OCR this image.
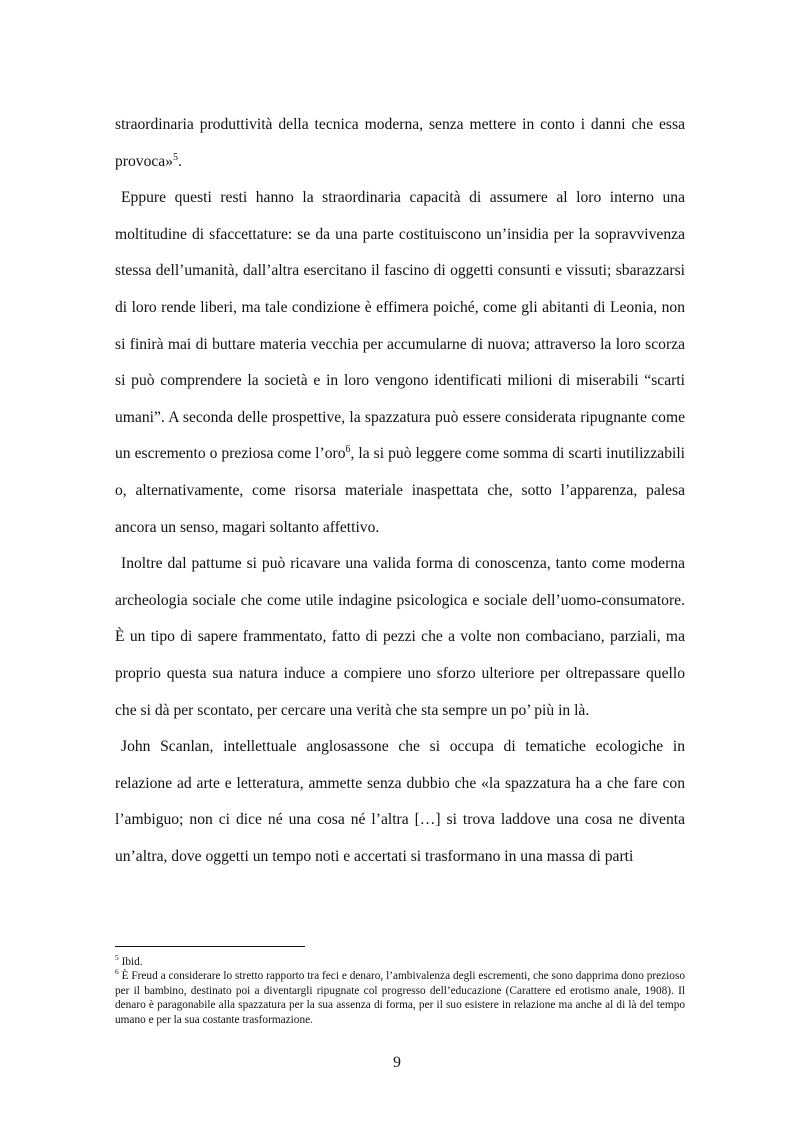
straordinaria produttività della tecnica moderna, senza mettere in conto i danni che essa provoca»$^5$.

Eppure questi resti hanno la straordinaria capacità di assumere al loro interno una moltitudine di sfaccettature: se da una parte costituiscono un’insidia per la sopravvivenza stessa dell’umanità, dall’altra esercitano il fascino di oggetti consunti e vissuti; sbarazzarsi di loro rende liberi, ma tale condizione è effimera poiché, come gli abitanti di Leonia, non si finirà mai di buttare materia vecchia per accumularne di nuova; attraverso la loro scorza si può comprendere la società e in loro vengono identificati milioni di miserabili “scarti umani”. A seconda delle prospettive, la spazzatura può essere considerata ripugnante come un escremento o preziosa come l’oro$^6$, la si può leggere come somma di scarti inutilizzabili o, alternativamente, come risorsa materiale inaspettata che, sotto l’apparenza, palesa ancora un senso, magari soltanto affettivo.

Inoltre dal pattume si può ricavare una valida forma di conoscenza, tanto come moderna archeologia sociale che come utile indagine psicologica e sociale dell’uomo-consumatore. È un tipo di sapere frammentato, fatto di pezzi che a volte non combaciano, parziali, ma proprio questa sua natura induce a compiere uno sforzo ulteriore per oltrepassare quello che si dà per scontato, per cercare una verità che sta sempre un po’ più in là.

John Scanlan, intellettuale anglosassone che si occupa di tematiche ecologiche in relazione ad arte e letteratura, ammette senza dubbio che «la spazzatura ha a che fare con l’ambiguo; non ci dice né una cosa né l’altra […] si trova laddove una cosa ne diventa un’altra, dove oggetti un tempo noti e accertati si trasformano in una massa di parti

$^5$ Ibid.

$^6$ È Freud a considerare lo stretto rapporto tra feci e denaro, l’ambivalenza degli escrementi, che sono dapprima dono prezioso per il bambino, destinato poi a diventargli ripugnate col progresso dell’educazione (Carattere ed erotismo anale, 1908). Il denaro è paragonabile alla spazzatura per la sua assenza di forma, per il suo esistere in relazione ma anche al di là del tempo umano e per la sua costante trasformazione.

9
